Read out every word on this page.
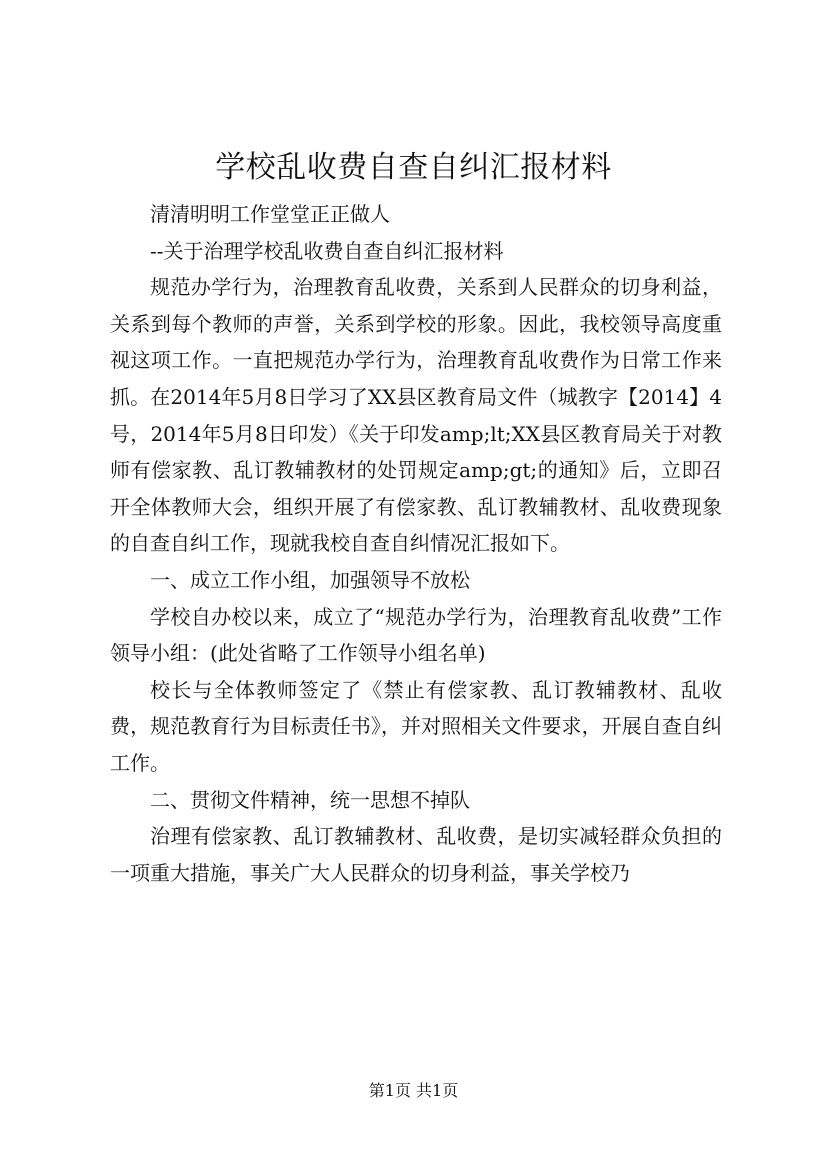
学校乱收费自查自纠汇报材料

清清明明工作堂堂正正做人

--关于治理学校乱收费自查自纠汇报材料

规范办学行为，治理教育乱收费，关系到人民群众的切身利益，关系到每个教师的声誉，关系到学校的形象。因此，我校领导高度重视这项工作。一直把规范办学行为，治理教育乱收费作为日常工作来抓。在2014年5月8日学习了XX县区教育局文件（城教字【2014】4号，2014年5月8日印发）《关于印发amp;lt;XX县区教育局关于对教师有偿家教、乱订教辅教材的处罚规定amp;gt;的通知》后，立即召开全体教师大会，组织开展了有偿家教、乱订教辅教材、乱收费现象的自查自纠工作，现就我校自查自纠情况汇报如下。

一、成立工作小组，加强领导不放松

学校自办校以来，成立了“规范办学行为，治理教育乱收费”工作领导小组：(此处省略了工作领导小组名单)

校长与全体教师签定了《禁止有偿家教、乱订教辅教材、乱收费，规范教育行为目标责任书》，并对照相关文件要求，开展自查自纠工作。

二、贯彻文件精神，统一思想不掉队

治理有偿家教、乱订教辅教材、乱收费，是切实减轻群众负担的一项重大措施，事关广大人民群众的切身利益，事关学校乃

第1页 共1页
